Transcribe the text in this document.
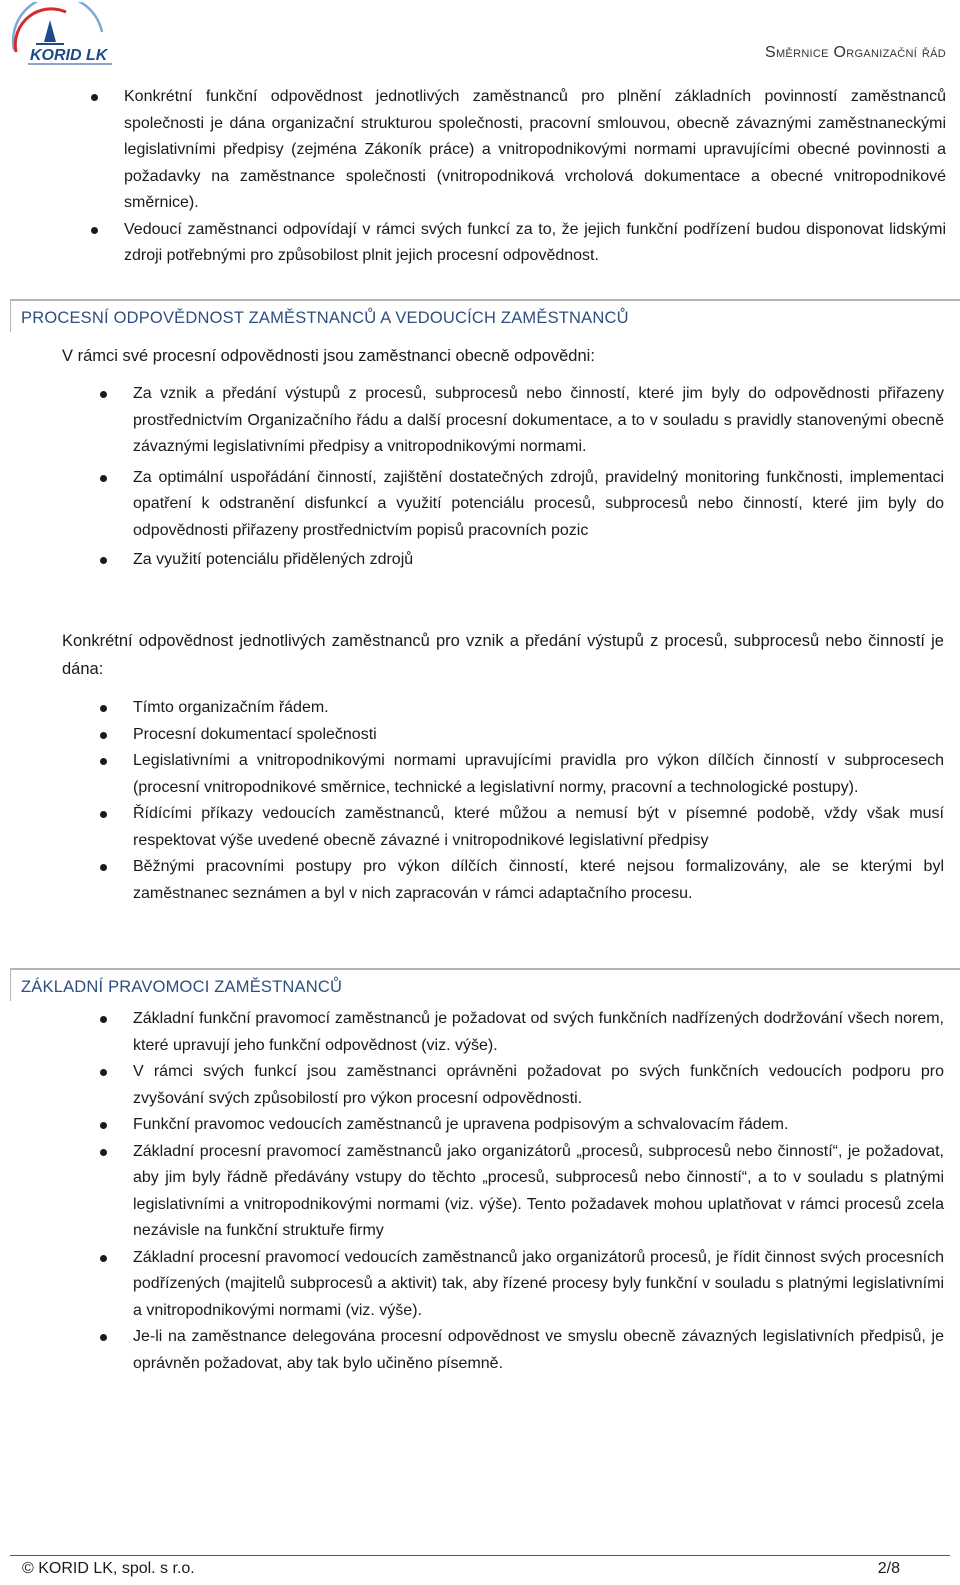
KORID LK	Směrnice Organizační řád
Konkrétní funkční odpovědnost jednotlivých zaměstnanců pro plnění základních povinností zaměstnanců společnosti je dána organizační strukturou společnosti, pracovní smlouvou, obecně závaznými zaměstnaneckými legislativními předpisy (zejména Zákoník práce) a vnitropodnikovými normami upravujícími obecné povinnosti a požadavky na zaměstnance společnosti (vnitropodniková vrcholová dokumentace a obecné vnitropodnikové směrnice).
Vedoucí zaměstnanci odpovídají v rámci svých funkcí za to, že jejich funkční podřízení budou disponovat lidskými zdroji potřebnými pro způsobilost plnit jejich procesní odpovědnost.
PROCESNÍ ODPOVĚDNOST ZAMĚSTNANCŮ A VEDOUCÍCH ZAMĚSTNANCŮ
V rámci své procesní odpovědnosti jsou zaměstnanci obecně odpovědni:
Za vznik a předání výstupů z procesů, subprocesů nebo činností, které jim byly do odpovědnosti přiřazeny prostřednictvím Organizačního řádu a další procesní dokumentace, a to v souladu s pravidly stanovenými obecně závaznými legislativními předpisy a vnitropodnikovými normami.
Za optimální uspořádání činností, zajištění dostatečných zdrojů, pravidelný monitoring funkčnosti, implementaci opatření k odstranění disfunkcí a využití potenciálu procesů, subprocesů nebo činností, které jim byly do odpovědnosti přiřazeny prostřednictvím popisů pracovních pozic
Za využití potenciálu přidělených zdrojů
Konkrétní odpovědnost jednotlivých zaměstnanců pro vznik a předání výstupů z procesů, subprocesů nebo činností je dána:
Tímto organizačním řádem.
Procesní dokumentací společnosti
Legislativními a vnitropodnikovými normami upravujícími pravidla pro výkon dílčích činností v subprocesech (procesní vnitropodnikové směrnice, technické a legislativní normy, pracovní a technologické postupy).
Řídícími příkazy vedoucích zaměstnanců, které můžou a nemusí být v písemné podobě, vždy však musí respektovat výše uvedené obecně závazné i vnitropodnikové legislativní předpisy
Běžnými pracovními postupy pro výkon dílčích činností, které nejsou formalizovány, ale se kterými byl zaměstnanec seznámen a byl v nich zapracován v rámci adaptačního procesu.
ZÁKLADNÍ PRAVOMOCI ZAMĚSTNANCŮ
Základní funkční pravomocí zaměstnanců je požadovat od svých funkčních nadřízených dodržování všech norem, které upravují jeho funkční odpovědnost (viz. výše).
V rámci svých funkcí jsou zaměstnanci oprávněni požadovat po svých funkčních vedoucích podporu pro zvyšování svých způsobilostí pro výkon procesní odpovědnosti.
Funkční pravomoc vedoucích zaměstnanců je upravena podpisovým a schvalovacím řádem.
Základní procesní pravomocí zaměstnanců jako organizátorů „procesů, subprocesů nebo činností“, je požadovat, aby jim byly řádně předávány vstupy do těchto „procesů, subprocesů nebo činností“, a to v souladu s platnými legislativními a vnitropodnikovými normami (viz. výše). Tento požadavek mohou uplatňovat v rámci procesů zcela nezávisle na funkční struktuře firmy
Základní procesní pravomocí vedoucích zaměstnanců jako organizátorů procesů, je řídit činnost svých procesních podřízených (majitelů subprocesů a aktivit) tak, aby řízené procesy byly funkční v souladu s platnými legislativními a vnitropodnikovými normami (viz. výše).
Je-li na zaměstnance delegována procesní odpovědnost ve smyslu obecně závazných legislativních předpisů, je oprávněn požadovat, aby tak bylo učiněno písemně.
© KORID LK, spol. s r.o.	2/8
